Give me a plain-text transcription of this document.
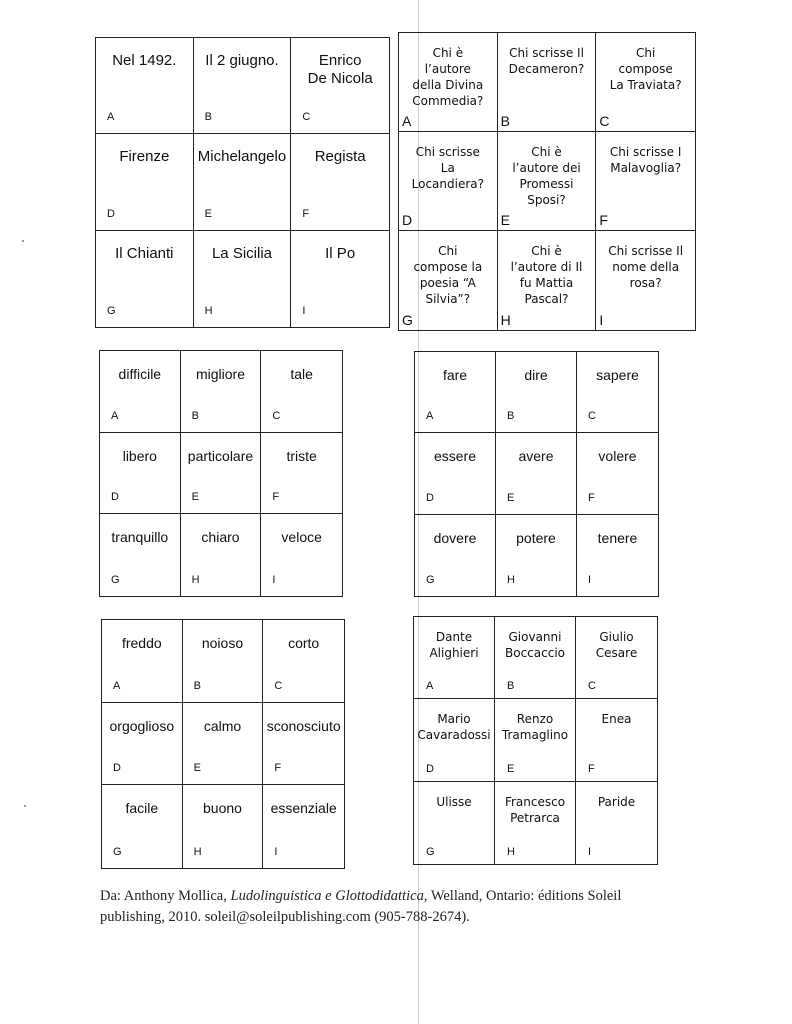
Nel 1492.
A
Il 2 giugno.
B
Enrico
De Nicola
C
Firenze
D
Michelangelo
E
Regista
F
Il Chianti
G
La Sicilia
H
Il Po
I
Chi è
l’autore
della Divina
Commedia?
A
Chi scrisse Il
Decameron?
B
Chi
compose
La Traviata?
C
Chi scrisse
La
Locandiera?
D
Chi è
l’autore dei
Promessi
Sposi?
E
Chi scrisse I
Malavoglia?
F
Chi
compose la
poesia “A
Silvia”?
G
Chi è
l’autore di Il
fu Mattia
Pascal?
H
Chi scrisse Il
nome della
rosa?
I
difficile
A
migliore
B
tale
C
libero
D
particolare
E
triste
F
tranquillo
G
chiaro
H
veloce
I
fare
A
dire
B
sapere
C
essere
D
avere
E
volere
F
dovere
G
potere
H
tenere
I
freddo
A
noioso
B
corto
C
orgoglioso
D
calmo
E
sconosciuto
F
facile
G
buono
H
essenziale
I
Dante
Alighieri
A
Giovanni
Boccaccio
B
Giulio
Cesare
C
Mario
Cavaradossi
D
Renzo
Tramaglino
E
Enea
F
Ulisse
G
Francesco
Petrarca
H
Paride
I
Da: Anthony Mollica, Ludolinguistica e Glottodidattica, Welland, Ontario: éditions Soleil publishing, 2010. soleil@soleilpublishing.com (905-788-2674).
